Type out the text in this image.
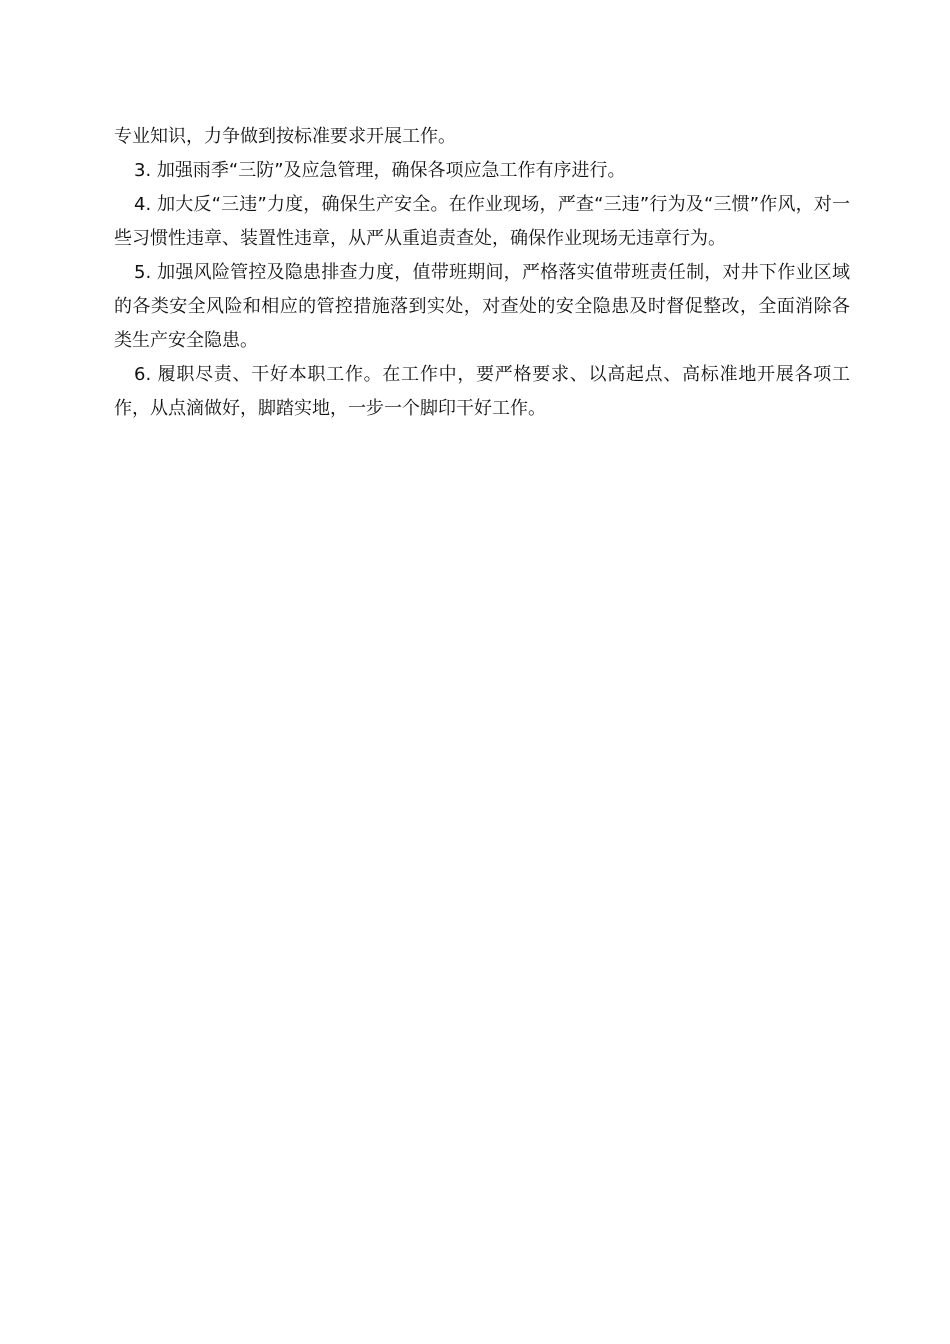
专业知识，力争做到按标准要求开展工作。

3. 加强雨季“三防”及应急管理，确保各项应急工作有序进行。

4. 加大反“三违”力度，确保生产安全。在作业现场，严查“三违”行为及“三惯”作风，对一些习惯性违章、装置性违章，从严从重追责查处，确保作业现场无违章行为。

5. 加强风险管控及隐患排查力度，值带班期间，严格落实值带班责任制，对井下作业区域的各类安全风险和相应的管控措施落到实处，对查处的安全隐患及时督促整改，全面消除各类生产安全隐患。

6. 履职尽责、干好本职工作。在工作中，要严格要求、以高起点、高标准地开展各项工作，从点滴做好，脚踏实地，一步一个脚印干好工作。
